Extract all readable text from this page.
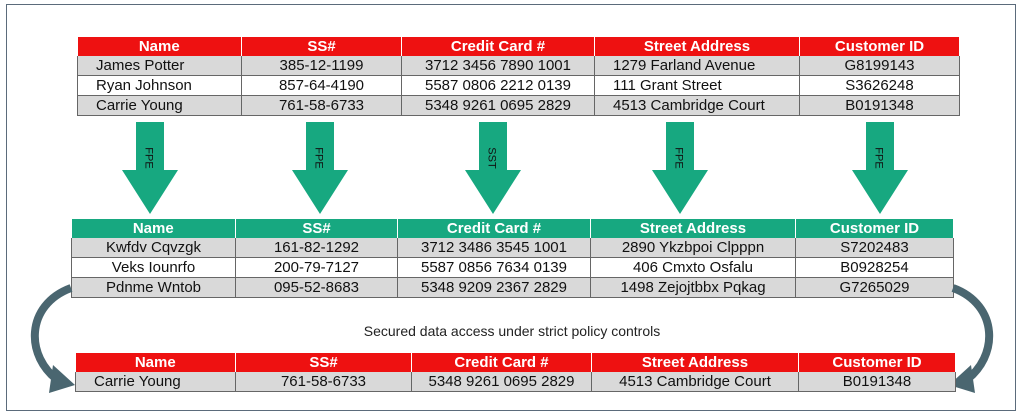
Name	SS#	Credit Card #	Street Address	Customer ID
James Potter	385-12-1199	3712 3456 7890 1001	1279 Farland Avenue	G8199143
Ryan Johnson	857-64-4190	5587 0806 2212 0139	111 Grant Street	S3626248
Carrie Young	761-58-6733	5348 9261 0695 2829	4513 Cambridge Court	B0191348
FPE	FPE	SST	FPE	FPE
Name	SS#	Credit Card #	Street Address	Customer ID
Kwfdv Cqvzgk	161-82-1292	3712 3486 3545 1001	2890 Ykzbpoi Clpppn	S7202483
Veks Iounrfo	200-79-7127	5587 0856 7634 0139	406 Cmxto Osfalu	B0928254
Pdnme Wntob	095-52-8683	5348 9209 2367 2829	1498 Zejojtbbx Pqkag	G7265029
Secured data access under strict policy controls
Name	SS#	Credit Card #	Street Address	Customer ID
Carrie Young	761-58-6733	5348 9261 0695 2829	4513 Cambridge Court	B0191348
